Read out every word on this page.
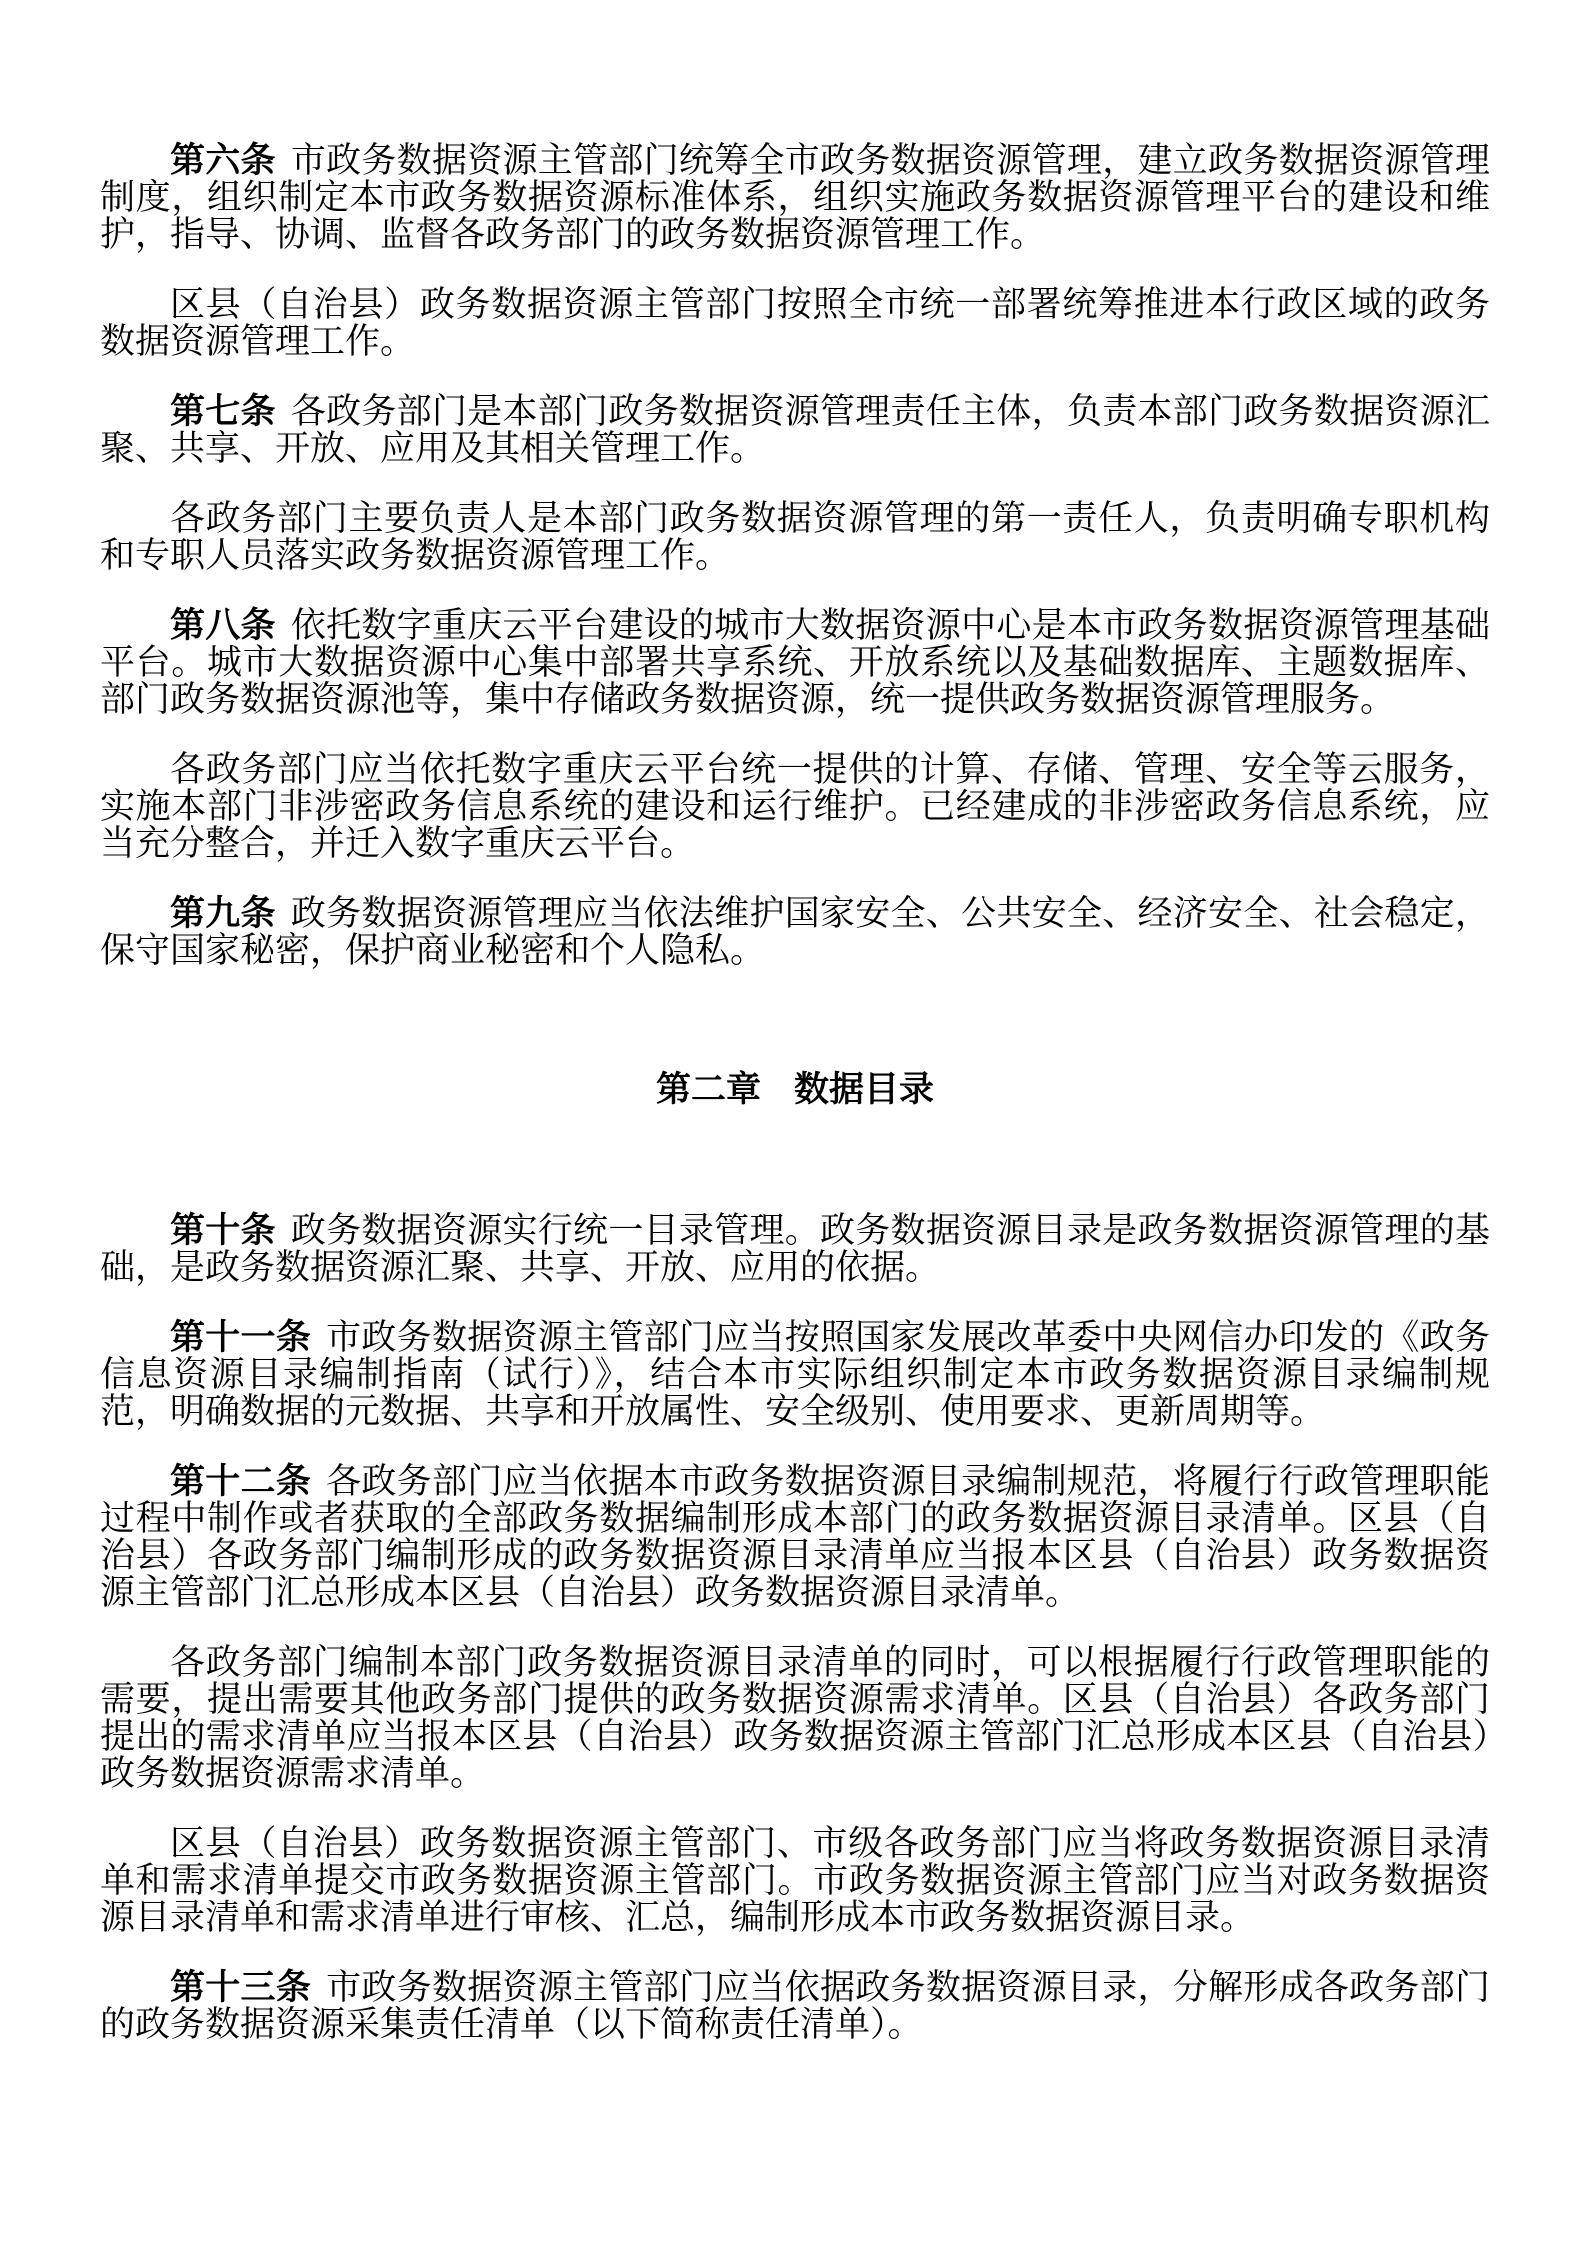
第六条 市政务数据资源主管部门统筹全市政务数据资源管理，建立政务数据资源管理制度，组织制定本市政务数据资源标准体系，组织实施政务数据资源管理平台的建设和维护，指导、协调、监督各政务部门的政务数据资源管理工作。

区县（自治县）政务数据资源主管部门按照全市统一部署统筹推进本行政区域的政务数据资源管理工作。

第七条 各政务部门是本部门政务数据资源管理责任主体，负责本部门政务数据资源汇聚、共享、开放、应用及其相关管理工作。

各政务部门主要负责人是本部门政务数据资源管理的第一责任人，负责明确专职机构和专职人员落实政务数据资源管理工作。

第八条 依托数字重庆云平台建设的城市大数据资源中心是本市政务数据资源管理基础平台。城市大数据资源中心集中部署共享系统、开放系统以及基础数据库、主题数据库、部门政务数据资源池等，集中存储政务数据资源，统一提供政务数据资源管理服务。

各政务部门应当依托数字重庆云平台统一提供的计算、存储、管理、安全等云服务，实施本部门非涉密政务信息系统的建设和运行维护。已经建成的非涉密政务信息系统，应当充分整合，并迁入数字重庆云平台。

第九条 政务数据资源管理应当依法维护国家安全、公共安全、经济安全、社会稳定，保守国家秘密，保护商业秘密和个人隐私。

第二章 数据目录

第十条 政务数据资源实行统一目录管理。政务数据资源目录是政务数据资源管理的基础，是政务数据资源汇聚、共享、开放、应用的依据。

第十一条 市政务数据资源主管部门应当按照国家发展改革委中央网信办印发的《政务信息资源目录编制指南（试行）》，结合本市实际组织制定本市政务数据资源目录编制规范，明确数据的元数据、共享和开放属性、安全级别、使用要求、更新周期等。

第十二条 各政务部门应当依据本市政务数据资源目录编制规范，将履行行政管理职能过程中制作或者获取的全部政务数据编制形成本部门的政务数据资源目录清单。区县（自治县）各政务部门编制形成的政务数据资源目录清单应当报本区县（自治县）政务数据资源主管部门汇总形成本区县（自治县）政务数据资源目录清单。

各政务部门编制本部门政务数据资源目录清单的同时，可以根据履行行政管理职能的需要，提出需要其他政务部门提供的政务数据资源需求清单。区县（自治县）各政务部门提出的需求清单应当报本区县（自治县）政务数据资源主管部门汇总形成本区县（自治县）政务数据资源需求清单。

区县（自治县）政务数据资源主管部门、市级各政务部门应当将政务数据资源目录清单和需求清单提交市政务数据资源主管部门。市政务数据资源主管部门应当对政务数据资源目录清单和需求清单进行审核、汇总，编制形成本市政务数据资源目录。

第十三条 市政务数据资源主管部门应当依据政务数据资源目录，分解形成各政务部门的政务数据资源采集责任清单（以下简称责任清单）。
